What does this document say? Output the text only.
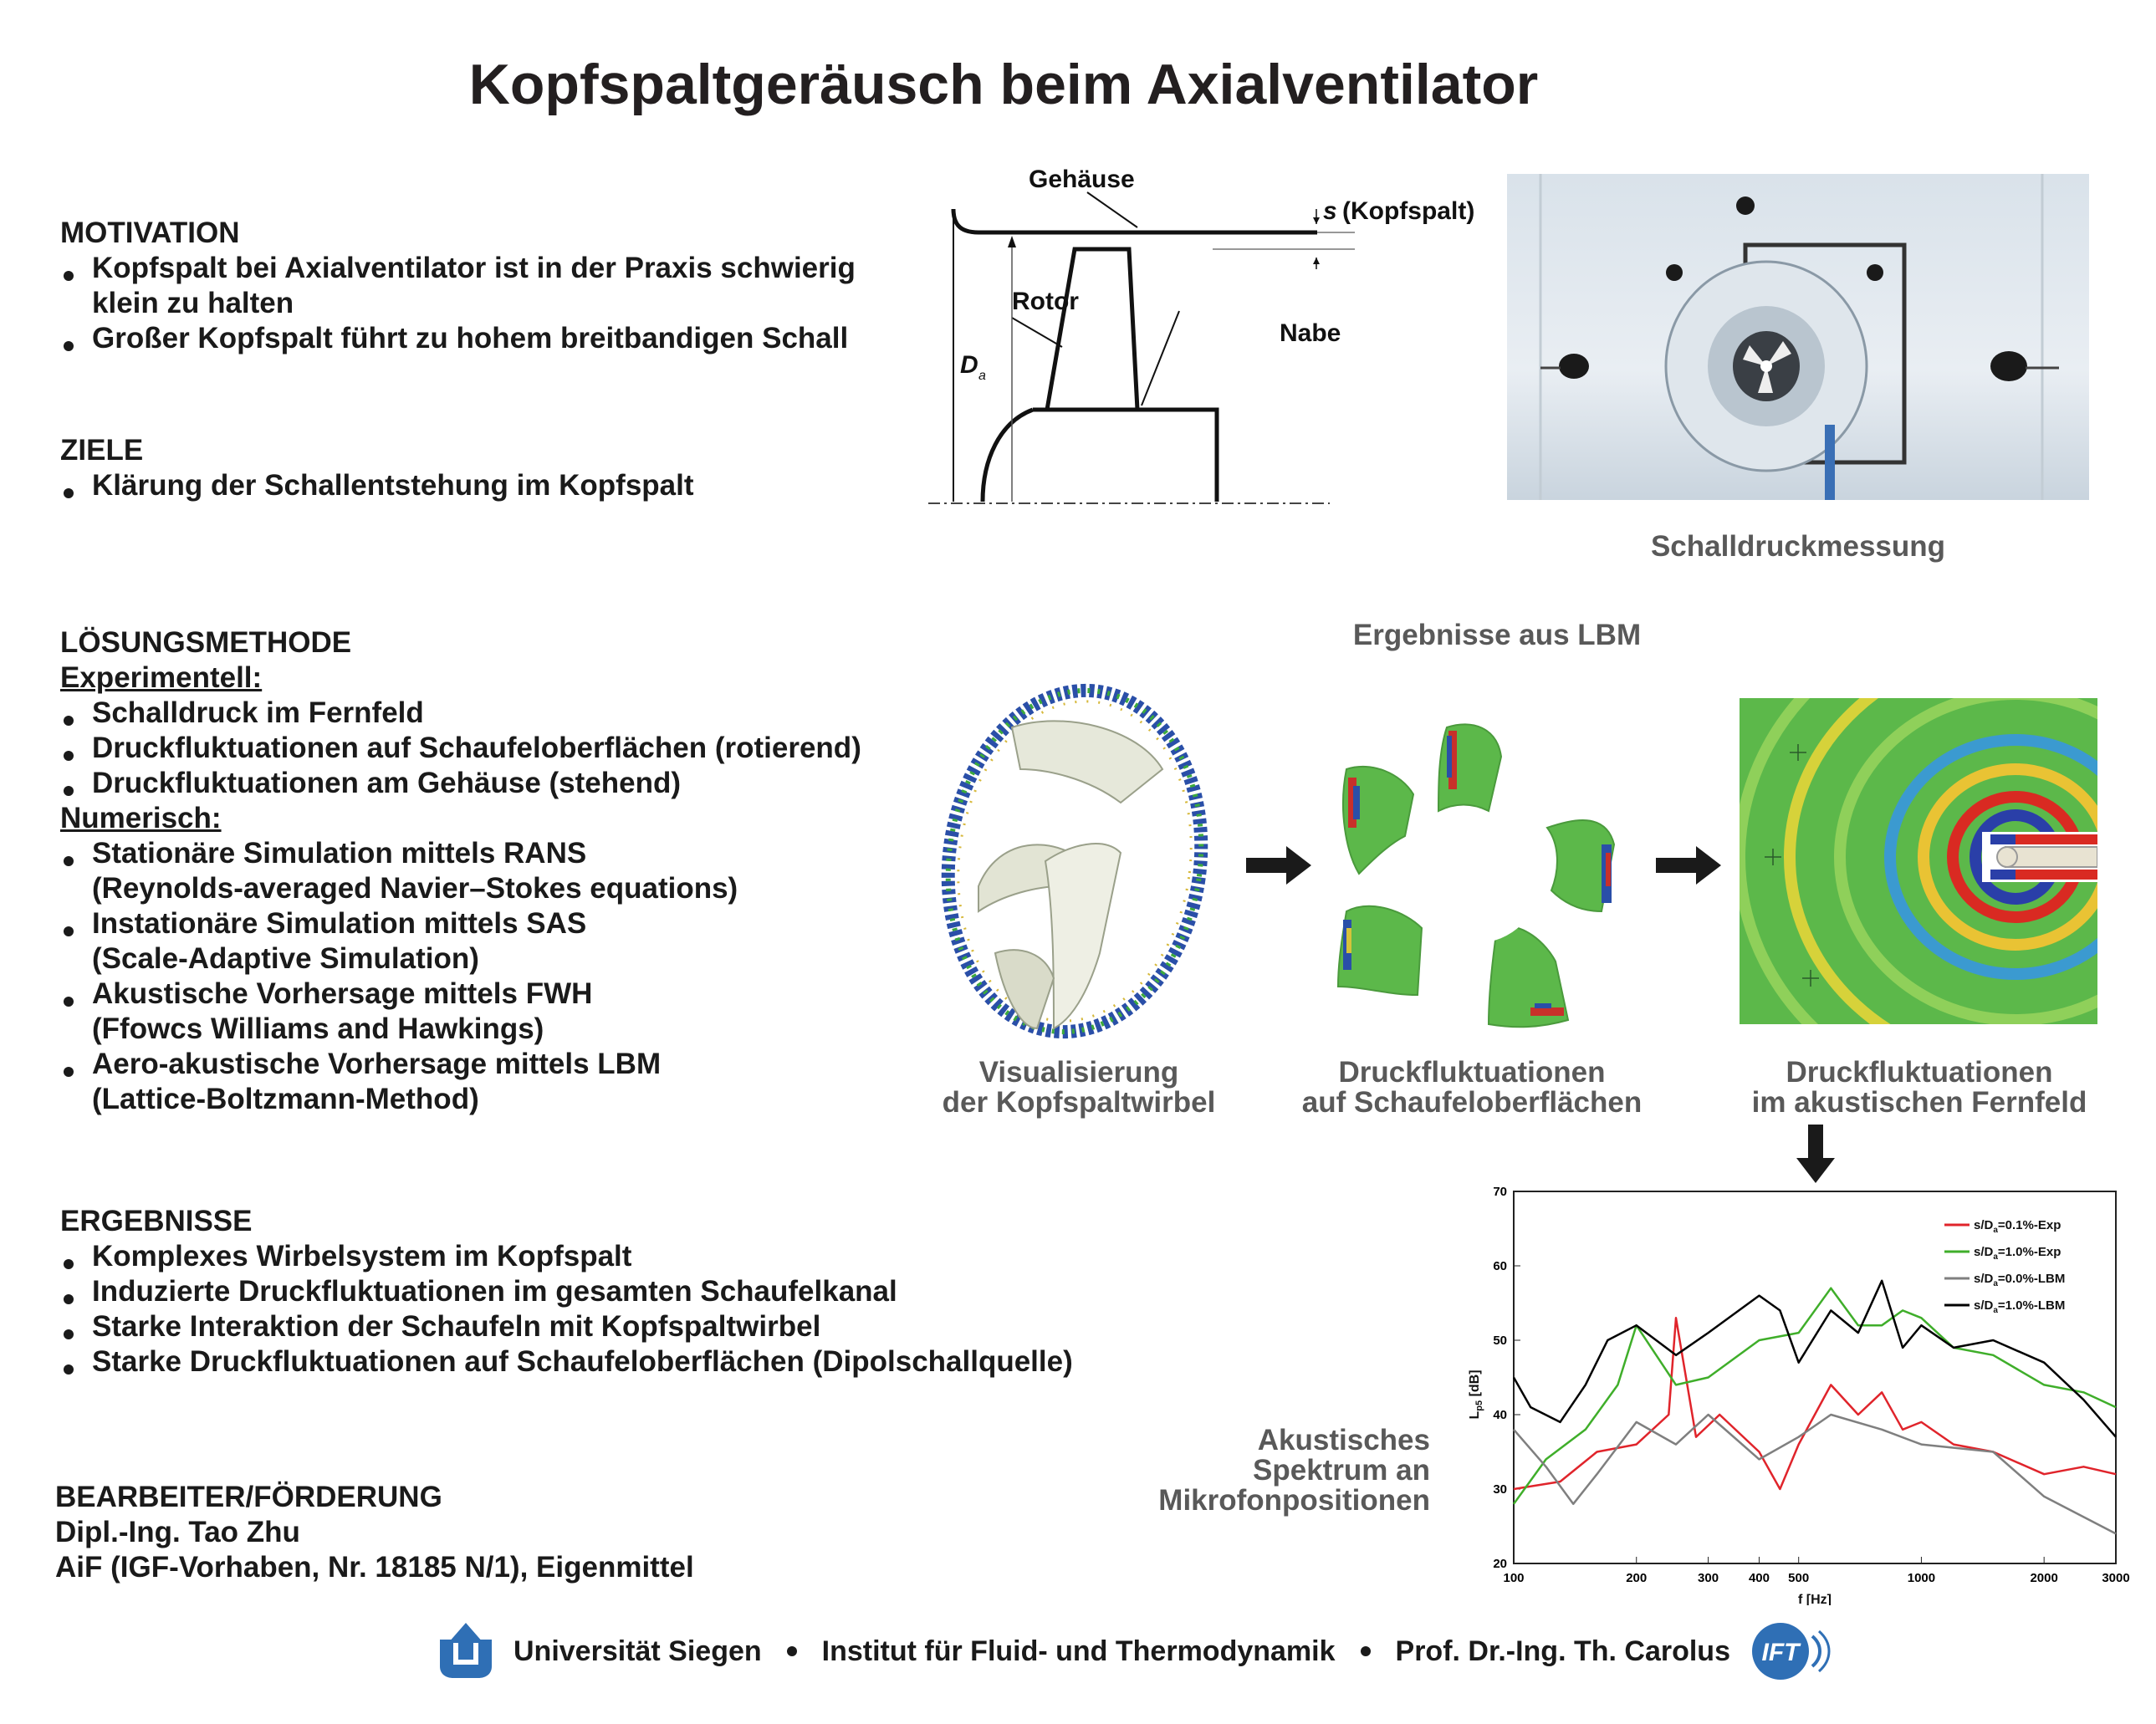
Kopfspaltgeräusch beim Axialventilator
MOTIVATION
Kopfspalt bei Axialventilator ist in der Praxis schwierig
klein zu halten
Großer Kopfspalt führt zu hohem breitbandigen Schall
ZIELE
Klärung der Schallentstehung im Kopfspalt
LÖSUNGSMETHODE
Experimentell:
Schalldruck im Fernfeld
Druckfluktuationen auf Schaufeloberflächen (rotierend)
Druckfluktuationen am Gehäuse (stehend)
Numerisch:
Stationäre Simulation mittels RANS
(Reynolds-averaged Navier–Stokes equations)
Instationäre Simulation mittels SAS
(Scale-Adaptive Simulation)
Akustische Vorhersage mittels FWH
(Ffowcs Williams and Hawkings)
Aero-akustische Vorhersage mittels LBM
(Lattice-Boltzmann-Method)
ERGEBNISSE
Komplexes Wirbelsystem im Kopfspalt
Induzierte Druckfluktuationen im gesamten Schaufelkanal
Starke Interaktion der Schaufeln mit Kopfspaltwirbel
Starke Druckfluktuationen auf Schaufeloberflächen (Dipolschallquelle)
BEARBEITER/FÖRDERUNG
Dipl.-Ing. Tao Zhu
AiF (IGF-Vorhaben, Nr. 18185 N/1), Eigenmittel
Gehäuse
s (Kopfspalt)
Rotor
Nabe
D a
Schalldruckmessung
Ergebnisse aus LBM
Visualisierung
der Kopfspaltwirbel
Druckfluktuationen
auf Schaufeloberflächen
Druckfluktuationen
im akustischen Fernfeld
Akustisches
Spektrum an
Mikrofonpositionen
100	200	300 400 500	1000	2000	3000
20
30
40
50
60
70
$s/D_a=0.1\%$-Exp
$s/D_a=1.0\%$-Exp
$s/D_a=0.0\%$-LBM
$s/D_a=1.0\%$-LBM
f [Hz]
$L_{p5}$ [dB]
Universität Siegen Institut für Fluid- und Thermodynamik Prof. Dr.-Ing. Th. Carolus IFT
